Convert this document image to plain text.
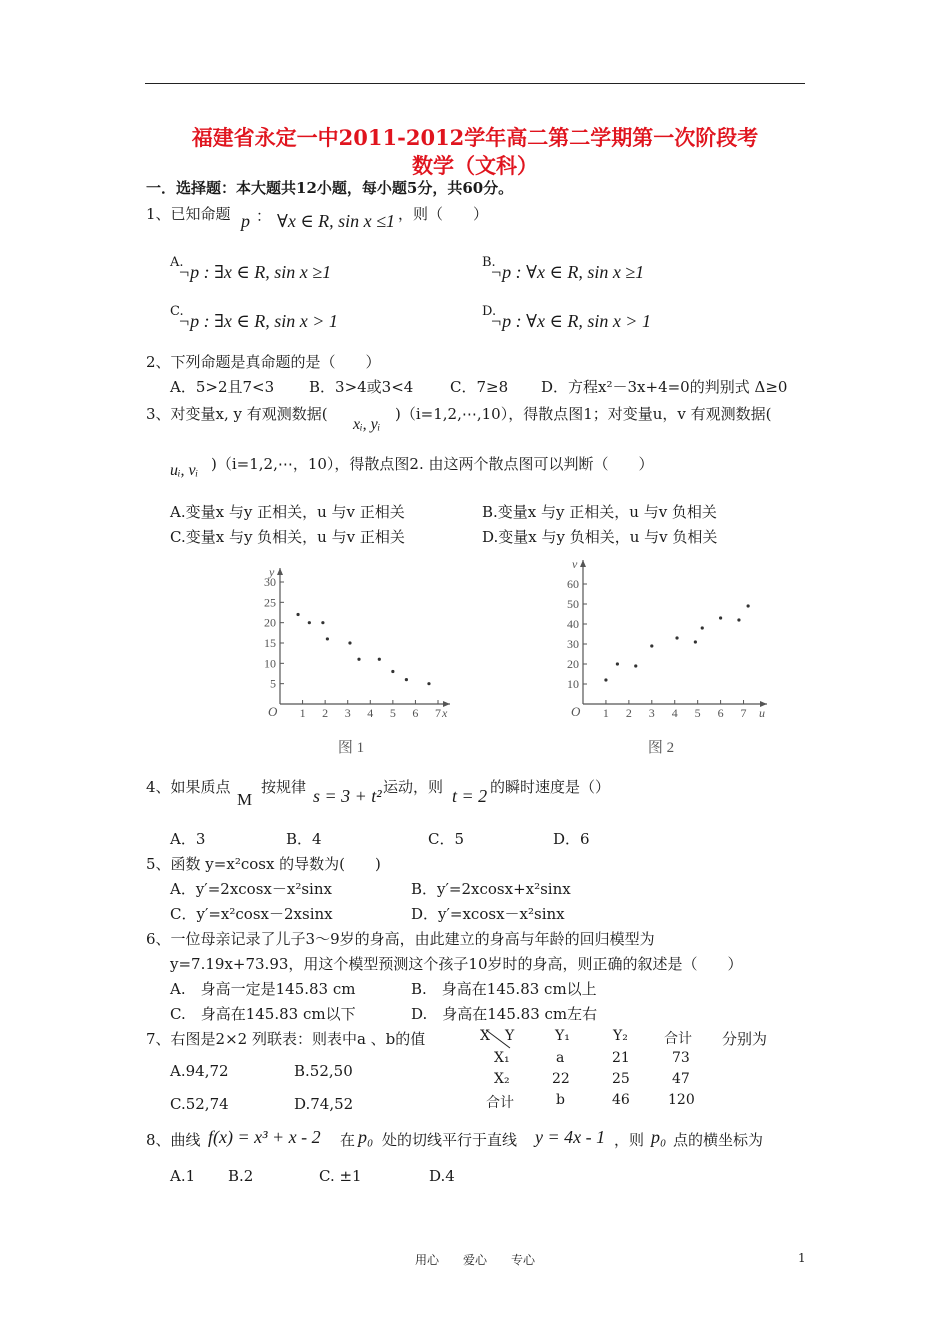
福建省永定一中2011-2012学年高二第二学期第一次阶段考
数学（文科）
一．选择题：本大题共12小题，每小题5分，共60分。
1、已知命题 p ： ∀x ∈ R, sin x ≤1 ，则（　　）
A.
¬p : ∃x ∈ R, sin x ≥1	B.
¬p : ∀x ∈ R, sin x ≥1
C.
¬p : ∃x ∈ R, sin x > 1	D.
¬p : ∀x ∈ R, sin x > 1
2、下列命题是真命题的是（　　）
A．5>2且7<3 B．3>4或3<4 C．7≥8 D．方程x²－3x+4=0的判别式 Δ≥0
3、对变量x, y 有观测数据(
xᵢ, yᵢ
)（i=1,2,⋯,10），得散点图1；对变量u，v 有观测数据(
uᵢ, vᵢ )（i=1,2,⋯，10），得散点图2. 由这两个散点图可以判断（　　）
A.变量x 与y 正相关，u 与v 正相关	B.变量x 与y 正相关，u 与v 负相关
C.变量x 与y 负相关，u 与v 正相关	D.变量x 与y 负相关，u 与v 负相关
O	x
y
1 2 3 4 5 6 7
5
10
15
20
25
30
图 1
O	u
v
1 2 3 4 5 6 7
10
20
30
40
50
60
图 2
4、如果质点
M
按规律 s = 3 + t² 运动，则 t = 2 的瞬时速度是（）
A．3	B．4	C．5	D．6
5、函数 y=x²cosx 的导数为(　　)
A．y′=2xcosx－x²sinx	B．y′=2xcosx+x²sinx
C．y′=x²cosx－2xsinx	D．y′=xcosx－x²sinx
6、一位母亲记录了儿子3～9岁的身高，由此建立的身高与年龄的回归模型为
y=7.19x+73.93，用这个模型预测这个孩子10岁时的身高，则正确的叙述是（　　）
A.　身高一定是145.83 cm	B.　身高在145.83 cm以上
C.　身高在145.83 cm以下	D.　身高在145.83 cm左右
7、右图是2×2 列联表：则表中a 、b的值	分别为
A.94,72	B.52,50
C.52,74	D.74,52
X Y	Y₁	Y₂	合计
X₁	a	21	73
X₂	22	25	47
合计	b	46	120
8、曲线 f(x) = x³ + x - 2 在 p₀ 处的切线平行于直线 y = 4x - 1 ，则 p₀ 点的横坐标为
A.1 B.2	C. ±1	D.4
用心　　爱心　　专心	1
